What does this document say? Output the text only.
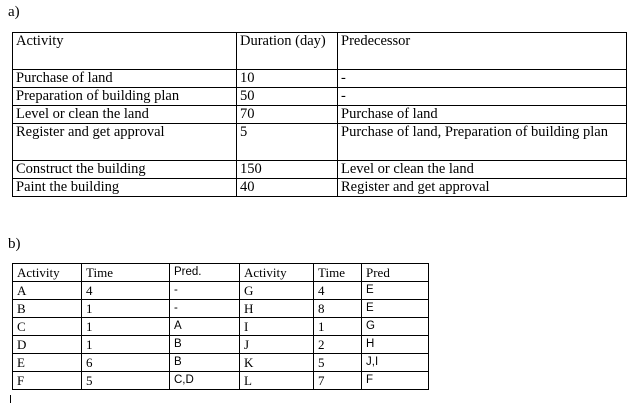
a)
Activity	Duration (day)	Predecessor
Purchase of land	10	-
Preparation of building plan	50	-
Level or clean the land	70	Purchase of land
Register and get approval	5	Purchase of land, Preparation of building plan
Construct the building	150	Level or clean the land
Paint the building	40	Register and get approval
b)
Activity	Time	Pred.	Activity	Time	Pred
A	4	-	G	4	E
B	1	-	H	8	E
C	1	A	I	1	G
D	1	B	J	2	H
E	6	B	K	5	J,I
F	5	C,D	L	7	F
